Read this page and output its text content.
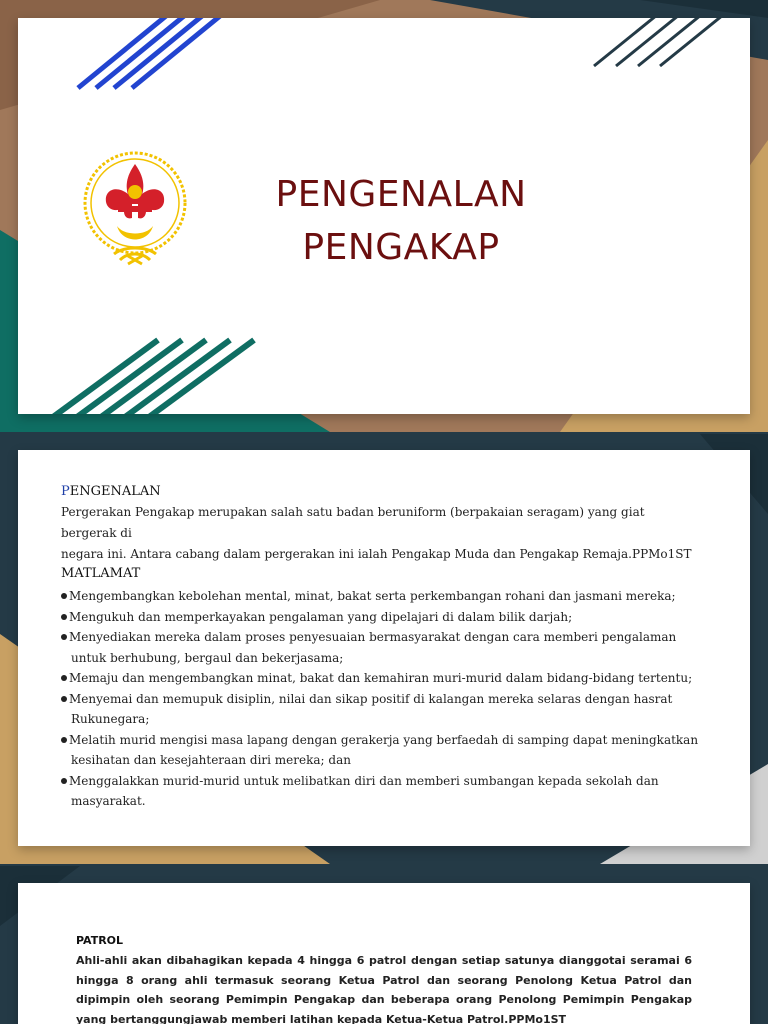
PENGENALAN
PENGAKAP
PENGENALAN
Pergerakan Pengakap merupakan salah satu badan beruniform (berpakaian seragam) yang giat bergerak di
negara ini. Antara cabang dalam pergerakan ini ialah Pengakap Muda dan Pengakap Remaja.PPMo1ST
MATLAMAT
Mengembangkan kebolehan mental, minat, bakat serta perkembangan rohani dan jasmani mereka;
Mengukuh dan memperkayakan pengalaman yang dipelajari di dalam bilik darjah;
Menyediakan mereka dalam proses penyesuaian bermasyarakat dengan cara memberi pengalaman untuk berhubung, bergaul dan bekerjasama;
Memaju dan mengembangkan minat, bakat dan kemahiran muri-murid dalam bidang-bidang tertentu;
Menyemai dan memupuk disiplin, nilai dan sikap positif di kalangan mereka selaras dengan hasrat Rukunegara;
Melatih murid mengisi masa lapang dengan gerakerja yang berfaedah di samping dapat meningkatkan kesihatan dan kesejahteraan diri mereka; dan
Menggalakkan murid-murid untuk melibatkan diri dan memberi sumbangan kepada sekolah dan masyarakat.
PATROL
Ahli-ahli akan dibahagikan kepada 4 hingga 6 patrol dengan setiap satunya dianggotai seramai 6 hingga 8 orang ahli termasuk seorang Ketua Patrol dan seorang Penolong Ketua Patrol dan dipimpin oleh seorang Pemimpin Pengakap dan beberapa orang Penolong Pemimpin Pengakap yang bertanggungjawab memberi latihan kepada Ketua-Ketua Patrol.PPMo1ST
